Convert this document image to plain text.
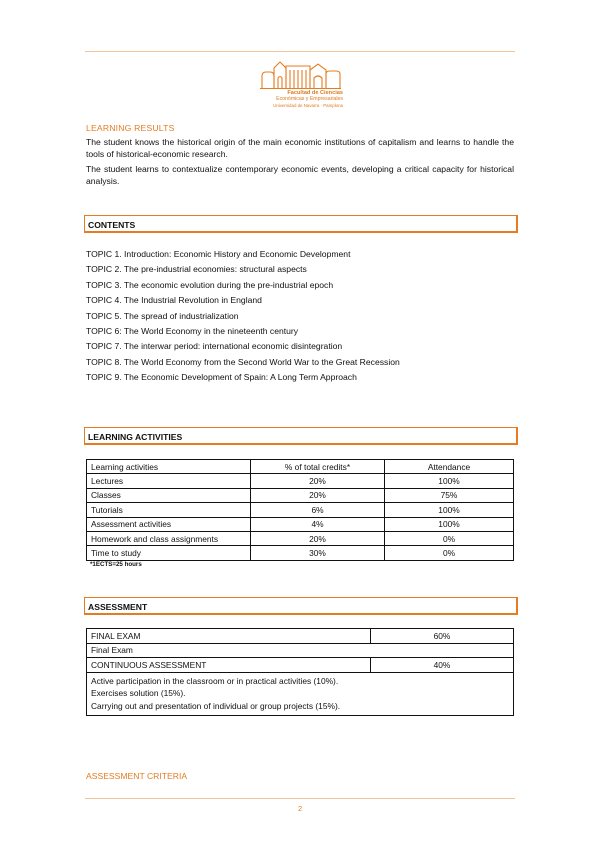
Facultad de Ciencias
Económicas y Empresariales
Universidad de Navarra · Pamplona
LEARNING RESULTS

The student knows the historical origin of the main economic institutions of capitalism and learns to handle the tools of historical-economic research.

The student learns to contextualize contemporary economic events, developing a critical capacity for historical analysis.

CONTENTS
TOPIC 1. Introduction: Economic History and Economic Development
TOPIC 2. The pre-industrial economies: structural aspects
TOPIC 3. The economic evolution during the pre-industrial epoch
TOPIC 4. The Industrial Revolution in England
TOPIC 5. The spread of industrialization
TOPIC 6: The World Economy in the nineteenth century
TOPIC 7. The interwar period: international economic disintegration
TOPIC 8. The World Economy from the Second World War to the Great Recession
TOPIC 9. The Economic Development of Spain: A Long Term Approach
LEARNING ACTIVITIES
Learning activities	% of total credits*	Attendance
Lectures	20%	100%
Classes	20%	75%
Tutorials	6%	100%
Assessment activities	4%	100%
Homework and class assignments	20%	0%
Time to study	30%	0%
*1ECTS=25 hours
ASSESSMENT
FINAL EXAM	60%
Final Exam	
CONTINUOUS ASSESSMENT	40%

Active participation in the classroom or in practical activities (10%).
Exercises solution (15%).
Carrying out and presentation of individual or group projects (15%).	
ASSESSMENT CRITERIA
2
